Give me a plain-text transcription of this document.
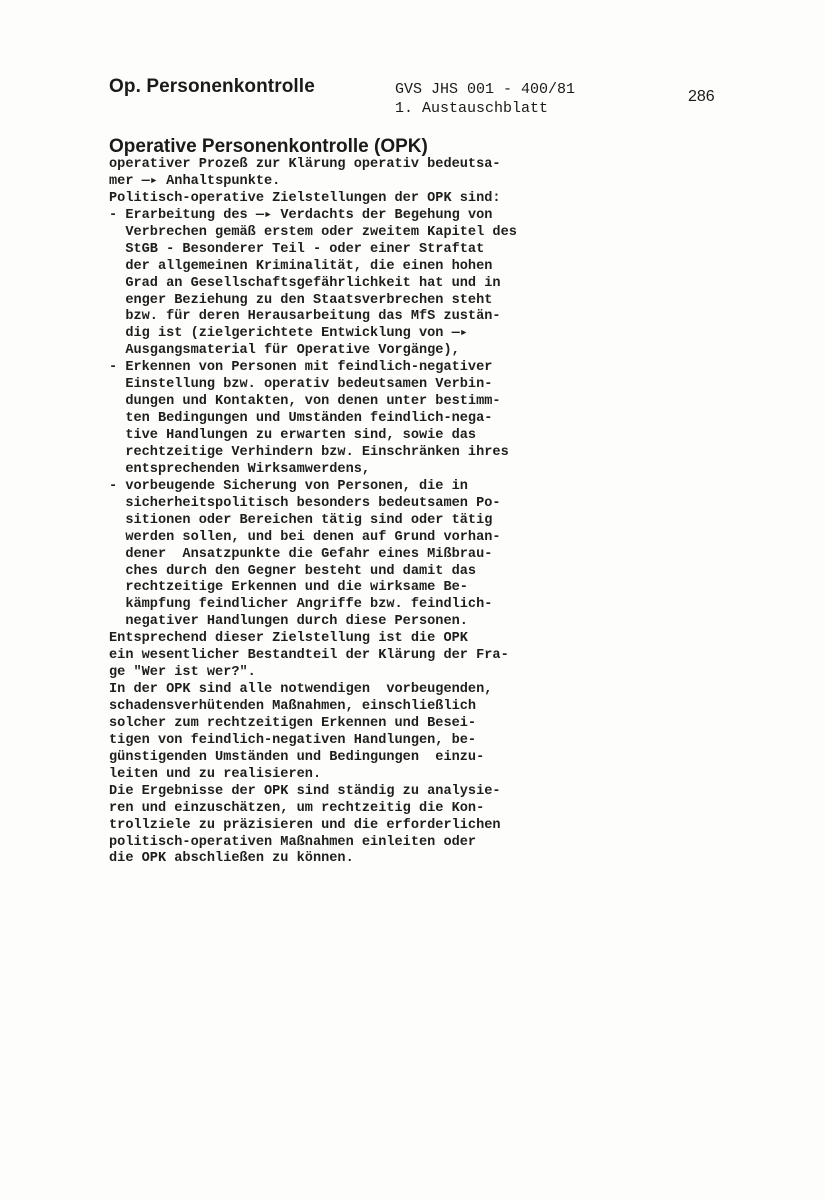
Op. Personenkontrolle	GVS JHS 001 - 400/81
1. Austauschblatt
286
Operative Personenkontrolle (OPK)
operativer Prozeß zur Klärung operativ bedeutsa-
mer —▸ Anhaltspunkte.
Politisch-operative Zielstellungen der OPK sind:
- Erarbeitung des —▸ Verdachts der Begehung von
Verbrechen gemäß erstem oder zweitem Kapitel des
StGB - Besonderer Teil - oder einer Straftat
der allgemeinen Kriminalität, die einen hohen
Grad an Gesellschaftsgefährlichkeit hat und in
enger Beziehung zu den Staatsverbrechen steht
bzw. für deren Herausarbeitung das MfS zustän-
dig ist (zielgerichtete Entwicklung von —▸
Ausgangsmaterial für Operative Vorgänge),
- Erkennen von Personen mit feindlich-negativer
Einstellung bzw. operativ bedeutsamen Verbin-
dungen und Kontakten, von denen unter bestimm-
ten Bedingungen und Umständen feindlich-nega-
tive Handlungen zu erwarten sind, sowie das
rechtzeitige Verhindern bzw. Einschränken ihres
entsprechenden Wirksamwerdens,
- vorbeugende Sicherung von Personen, die in
sicherheitspolitisch besonders bedeutsamen Po-
sitionen oder Bereichen tätig sind oder tätig
werden sollen, und bei denen auf Grund vorhan-
dener  Ansatzpunkte die Gefahr eines Mißbrau-
ches durch den Gegner besteht und damit das
rechtzeitige Erkennen und die wirksame Be-
kämpfung feindlicher Angriffe bzw. feindlich-
negativer Handlungen durch diese Personen.
Entsprechend dieser Zielstellung ist die OPK
ein wesentlicher Bestandteil der Klärung der Fra-
ge "Wer ist wer?".
In der OPK sind alle notwendigen  vorbeugenden,
schadensverhütenden Maßnahmen, einschließlich
solcher zum rechtzeitigen Erkennen und Besei-
tigen von feindlich-negativen Handlungen, be-
günstigenden Umständen und Bedingungen  einzu-
leiten und zu realisieren.
Die Ergebnisse der OPK sind ständig zu analysie-
ren und einzuschätzen, um rechtzeitig die Kon-
trollziele zu präzisieren und die erforderlichen
politisch-operativen Maßnahmen einleiten oder
die OPK abschließen zu können.
